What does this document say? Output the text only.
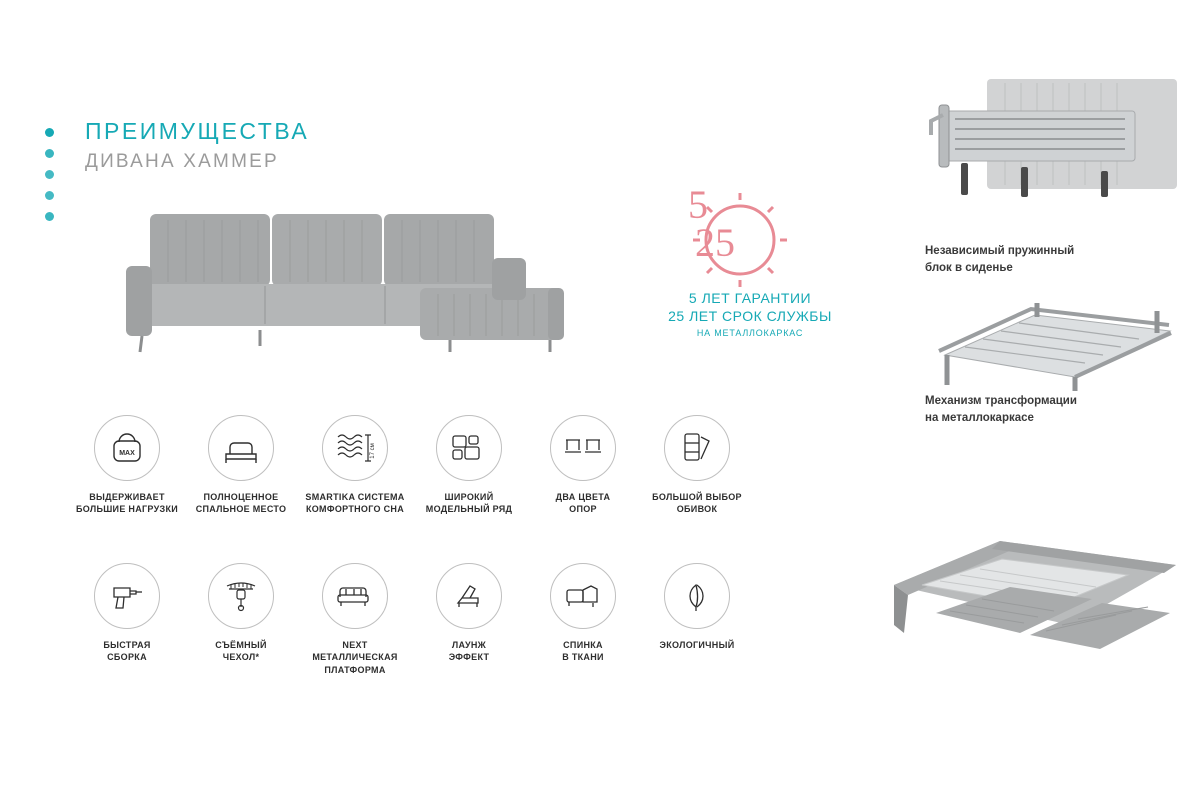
ПРЕИМУЩЕСТВА
ДИВАНА ХАММЕР
5
25
5 ЛЕТ ГАРАНТИИ
25 ЛЕТ СРОК СЛУЖБЫ
НА МЕТАЛЛОКАРКАС
Независимый пружинный
блок в сиденье
Механизм трансформации
на металлокаркасе
MAX
ВЫДЕРЖИВАЕТ
БОЛЬШИЕ НАГРУЗКИ
ПОЛНОЦЕННОЕ
СПАЛЬНОЕ МЕСТО
17 см
SMARTIKA СИСТЕМА
КОМФОРТНОГО СНА
ШИРОКИЙ
МОДЕЛЬНЫЙ РЯД
ДВА ЦВЕТА
ОПОР
БОЛЬШОЙ ВЫБОР
ОБИВОК
БЫСТРАЯ
СБОРКА
СЪЁМНЫЙ
ЧЕХОЛ*
NEXT
МЕТАЛЛИЧЕСКАЯ
ПЛАТФОРМА
ЛАУНЖ
ЭФФЕКТ
СПИНКА
В ТКАНИ
ЭКОЛОГИЧНЫЙ
